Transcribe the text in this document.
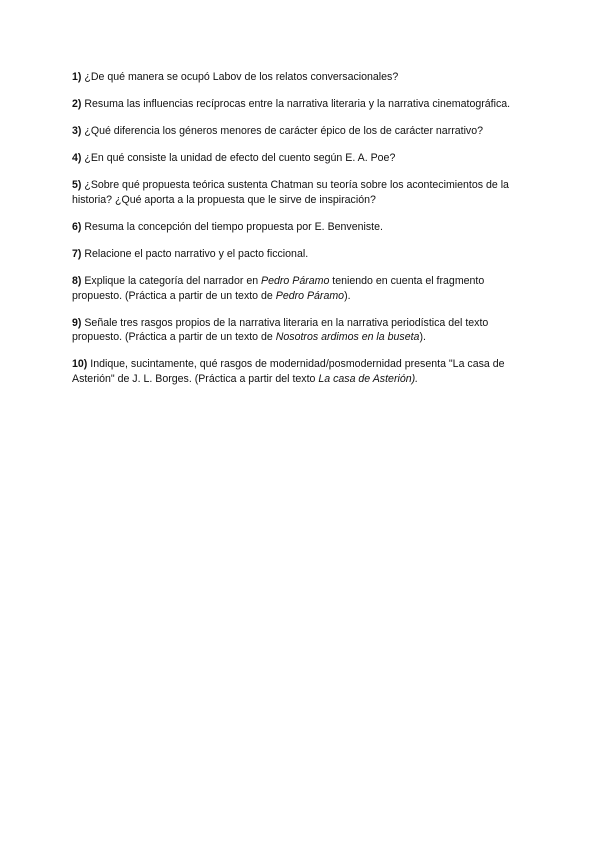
1) ¿De qué manera se ocupó Labov de los relatos conversacionales?
2) Resuma las influencias recíprocas entre la narrativa literaria y la narrativa cinematográfica.
3) ¿Qué diferencia los géneros menores de carácter épico de los de carácter narrativo?
4) ¿En qué consiste la unidad de efecto del cuento según E. A. Poe?
5) ¿Sobre qué propuesta teórica sustenta Chatman su teoría sobre los acontecimientos de la historia? ¿Qué aporta a la propuesta que le sirve de inspiración?
6) Resuma la concepción del tiempo propuesta por E. Benveniste.
7) Relacione el pacto narrativo y el pacto ficcional.
8) Explique la categoría del narrador en Pedro Páramo teniendo en cuenta el fragmento propuesto. (Práctica a partir de un texto de Pedro Páramo).
9) Señale tres rasgos propios de la narrativa literaria en la narrativa periodística del texto propuesto. (Práctica a partir de un texto de Nosotros ardimos en la buseta).
10) Indique, sucintamente, qué rasgos de modernidad/posmodernidad presenta "La casa de Asterión" de J. L. Borges. (Práctica a partir del texto La casa de Asterión).
